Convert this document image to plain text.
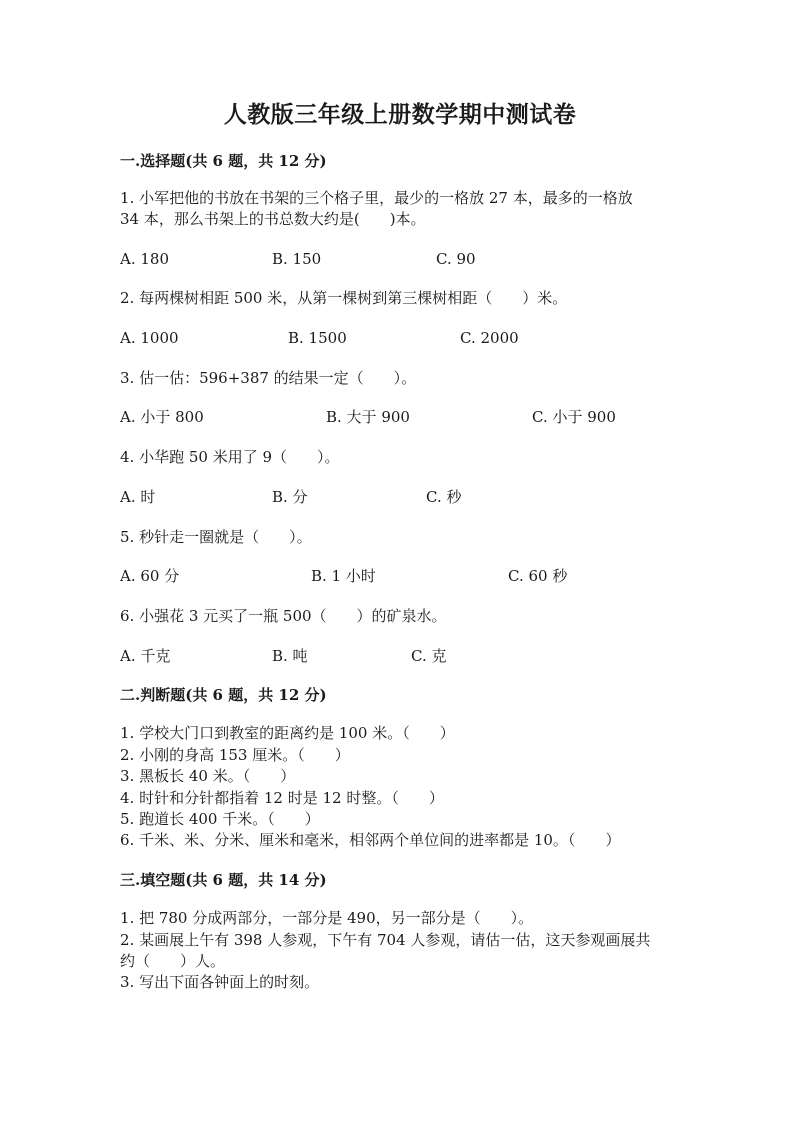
人教版三年级上册数学期中测试卷
一.选择题(共 6 题，共 12 分)
1. 小军把他的书放在书架的三个格子里，最少的一格放 27 本，最多的一格放
34 本，那么书架上的书总数大约是(　　)本。
A. 180	B. 150	C. 90
2. 每两棵树相距 500 米，从第一棵树到第三棵树相距（　　）米。
A. 1000	B. 1500	C. 2000
3. 估一估：596+387 的结果一定（　　）。
A. 小于 800	B. 大于 900	C. 小于 900
4. 小华跑 50 米用了 9（　　）。
A. 时	B. 分	C. 秒
5. 秒针走一圈就是（　　）。
A. 60 分	B. 1 小时	C. 60 秒
6. 小强花 3 元买了一瓶 500（　　）的矿泉水。
A. 千克	B. 吨	C. 克
二.判断题(共 6 题，共 12 分)
1. 学校大门口到教室的距离约是 100 米。（　　）
2. 小刚的身高 153 厘米。（　　）
3. 黑板长 40 米。（　　）
4. 时针和分针都指着 12 时是 12 时整。（　　）
5. 跑道长 400 千米。（　　）
6. 千米、米、分米、厘米和毫米，相邻两个单位间的进率都是 10。（　　）
三.填空题(共 6 题，共 14 分)
1. 把 780 分成两部分，一部分是 490，另一部分是（　　）。
2. 某画展上午有 398 人参观，下午有 704 人参观，请估一估，这天参观画展共
约（　　）人。
3. 写出下面各钟面上的时刻。
